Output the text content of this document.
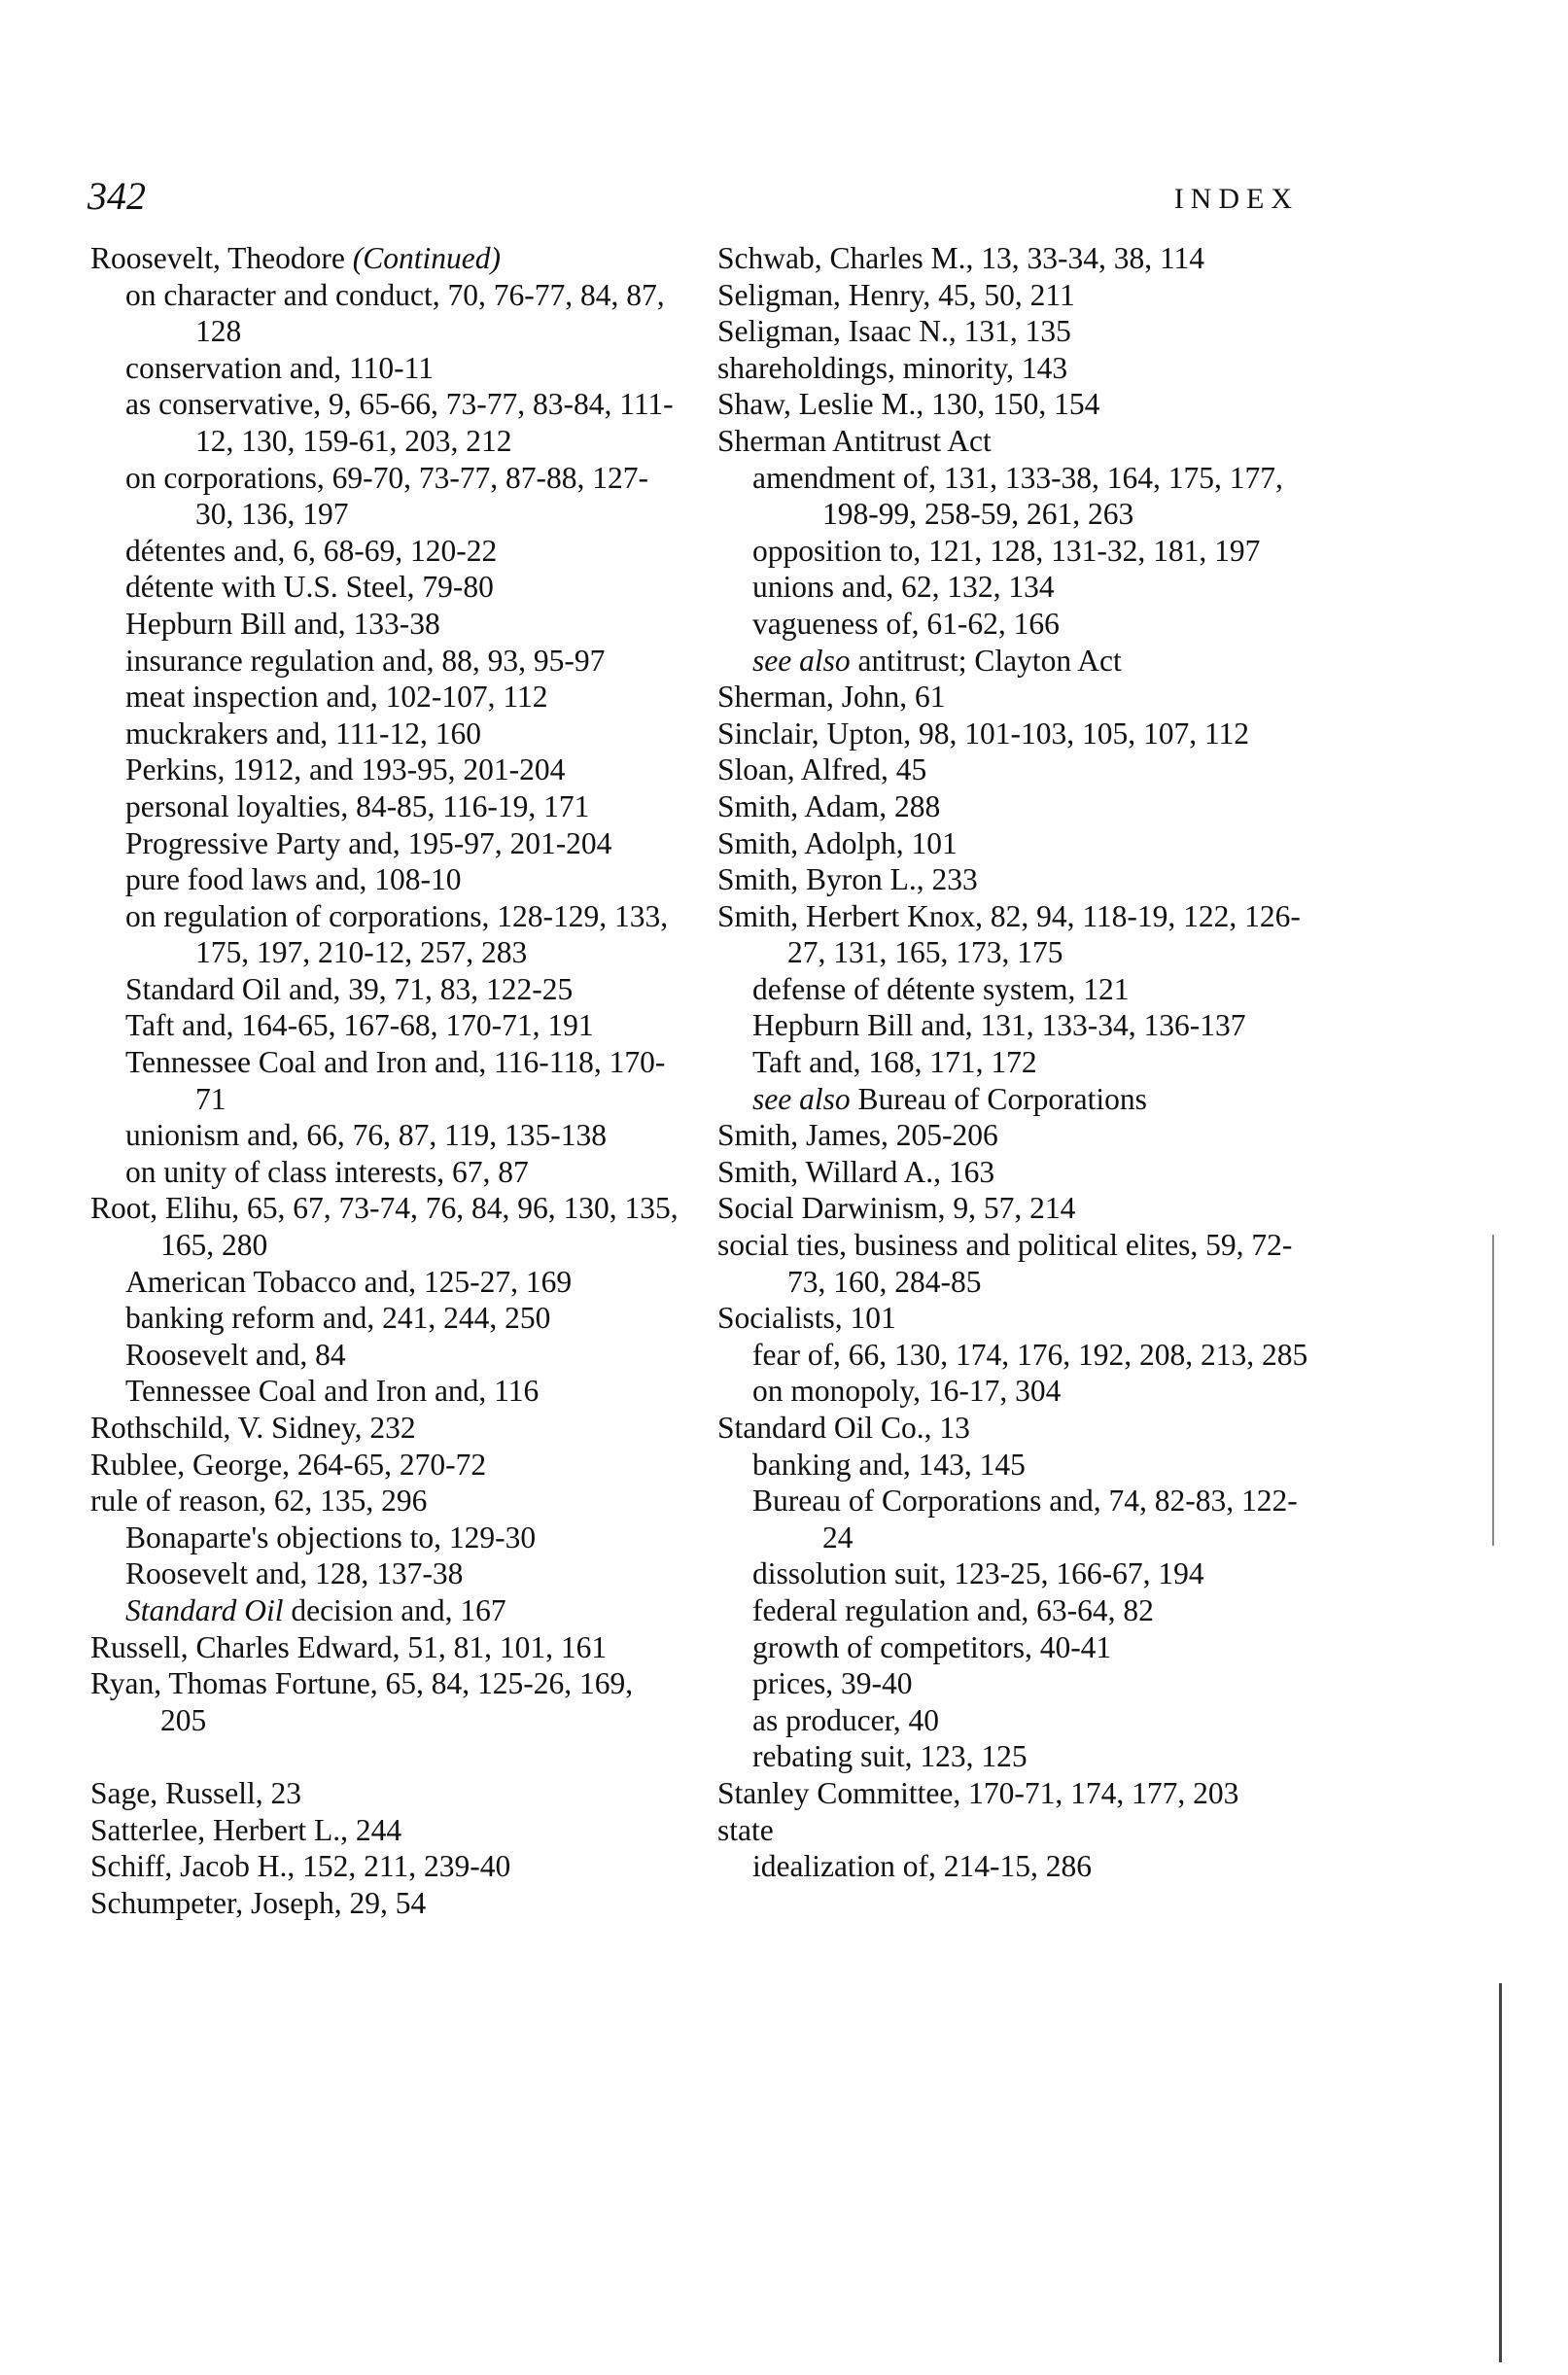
342	INDEX
Roosevelt, Theodore (Continued)
on character and conduct, 70, 76-77, 84, 87, 128
conservation and, 110-11
as conservative, 9, 65-66, 73-77, 83-84, 111-12, 130, 159-61, 203, 212
on corporations, 69-70, 73-77, 87-88, 127-30, 136, 197
détentes and, 6, 68-69, 120-22
détente with U.S. Steel, 79-80
Hepburn Bill and, 133-38
insurance regulation and, 88, 93, 95-97
meat inspection and, 102-107, 112
muckrakers and, 111-12, 160
Perkins, 1912, and 193-95, 201-204
personal loyalties, 84-85, 116-19, 171
Progressive Party and, 195-97, 201-204
pure food laws and, 108-10
on regulation of corporations, 128-129, 133, 175, 197, 210-12, 257, 283
Standard Oil and, 39, 71, 83, 122-25
Taft and, 164-65, 167-68, 170-71, 191
Tennessee Coal and Iron and, 116-118, 170-71
unionism and, 66, 76, 87, 119, 135-138
on unity of class interests, 67, 87
Root, Elihu, 65, 67, 73-74, 76, 84, 96, 130, 135, 165, 280
American Tobacco and, 125-27, 169
banking reform and, 241, 244, 250
Roosevelt and, 84
Tennessee Coal and Iron and, 116
Rothschild, V. Sidney, 232
Rublee, George, 264-65, 270-72
rule of reason, 62, 135, 296
Bonaparte's objections to, 129-30
Roosevelt and, 128, 137-38
Standard Oil decision and, 167
Russell, Charles Edward, 51, 81, 101, 161
Ryan, Thomas Fortune, 65, 84, 125-26, 169, 205
Sage, Russell, 23
Satterlee, Herbert L., 244
Schiff, Jacob H., 152, 211, 239-40
Schumpeter, Joseph, 29, 54
Schwab, Charles M., 13, 33-34, 38, 114
Seligman, Henry, 45, 50, 211
Seligman, Isaac N., 131, 135
shareholdings, minority, 143
Shaw, Leslie M., 130, 150, 154
Sherman Antitrust Act
amendment of, 131, 133-38, 164, 175, 177, 198-99, 258-59, 261, 263
opposition to, 121, 128, 131-32, 181, 197
unions and, 62, 132, 134
vagueness of, 61-62, 166
see also antitrust; Clayton Act
Sherman, John, 61
Sinclair, Upton, 98, 101-103, 105, 107, 112
Sloan, Alfred, 45
Smith, Adam, 288
Smith, Adolph, 101
Smith, Byron L., 233
Smith, Herbert Knox, 82, 94, 118-19, 122, 126-27, 131, 165, 173, 175
defense of détente system, 121
Hepburn Bill and, 131, 133-34, 136-137
Taft and, 168, 171, 172
see also Bureau of Corporations
Smith, James, 205-206
Smith, Willard A., 163
Social Darwinism, 9, 57, 214
social ties, business and political elites, 59, 72-73, 160, 284-85
Socialists, 101
fear of, 66, 130, 174, 176, 192, 208, 213, 285
on monopoly, 16-17, 304
Standard Oil Co., 13
banking and, 143, 145
Bureau of Corporations and, 74, 82-83, 122-24
dissolution suit, 123-25, 166-67, 194
federal regulation and, 63-64, 82
growth of competitors, 40-41
prices, 39-40
as producer, 40
rebating suit, 123, 125
Stanley Committee, 170-71, 174, 177, 203
state
idealization of, 214-15, 286
